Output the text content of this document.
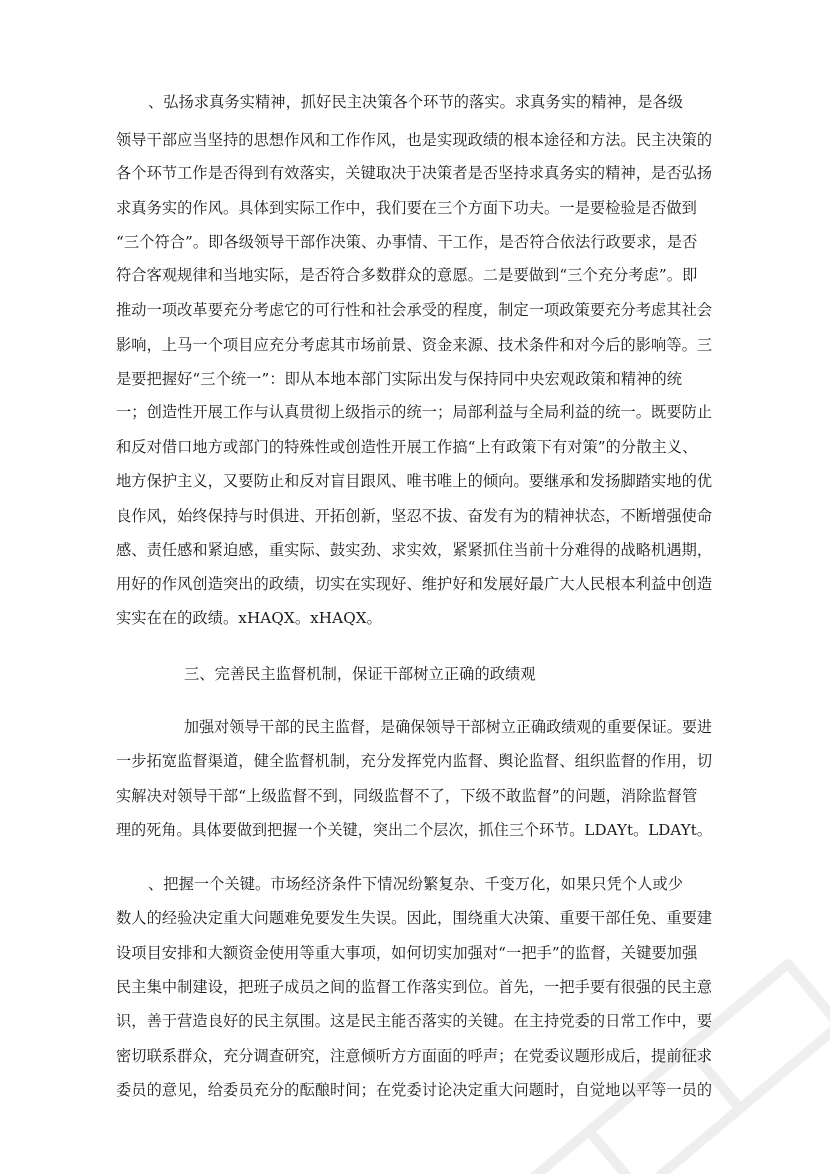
、弘扬求真务实精神，抓好民主决策各个环节的落实。求真务实的精神，是各级
领导干部应当坚持的思想作风和工作作风，也是实现政绩的根本途径和方法。民主决策的
各个环节工作是否得到有效落实，关键取决于决策者是否坚持求真务实的精神，是否弘扬
求真务实的作风。具体到实际工作中，我们要在三个方面下功夫。一是要检验是否做到
“三个符合”。即各级领导干部作决策、办事情、干工作，是否符合依法行政要求，是否
符合客观规律和当地实际，是否符合多数群众的意愿。二是要做到“三个充分考虑”。即
推动一项改革要充分考虑它的可行性和社会承受的程度，制定一项政策要充分考虑其社会
影响，上马一个项目应充分考虑其市场前景、资金来源、技术条件和对今后的影响等。三
是要把握好“三个统一”：即从本地本部门实际出发与保持同中央宏观政策和精神的统
一；创造性开展工作与认真贯彻上级指示的统一；局部利益与全局利益的统一。既要防止
和反对借口地方或部门的特殊性或创造性开展工作搞“上有政策下有对策”的分散主义、
地方保护主义，又要防止和反对盲目跟风、唯书唯上的倾向。要继承和发扬脚踏实地的优
良作风，始终保持与时俱进、开拓创新，坚忍不拔、奋发有为的精神状态，不断增强使命
感、责任感和紧迫感，重实际、鼓实劲、求实效，紧紧抓住当前十分难得的战略机遇期，
用好的作风创造突出的政绩，切实在实现好、维护好和发展好最广大人民根本利益中创造
实实在在的政绩。xHAQX。xHAQX。
三、完善民主监督机制，保证干部树立正确的政绩观
加强对领导干部的民主监督，是确保领导干部树立正确政绩观的重要保证。要进
一步拓宽监督渠道，健全监督机制，充分发挥党内监督、舆论监督、组织监督的作用，切
实解决对领导干部“上级监督不到，同级监督不了，下级不敢监督”的问题，消除监督管
理的死角。具体要做到把握一个关键，突出二个层次，抓住三个环节。LDAYt。LDAYt。
、把握一个关键。市场经济条件下情况纷繁复杂、千变万化，如果只凭个人或少
数人的经验决定重大问题难免要发生失误。因此，围绕重大决策、重要干部任免、重要建
设项目安排和大额资金使用等重大事项，如何切实加强对“一把手”的监督，关键要加强
民主集中制建设，把班子成员之间的监督工作落实到位。首先，一把手要有很强的民主意
识，善于营造良好的民主氛围。这是民主能否落实的关键。在主持党委的日常工作中，要
密切联系群众，充分调查研究，注意倾听方方面面的呼声；在党委议题形成后，提前征求
委员的意见，给委员充分的酝酿时间；在党委讨论决定重大问题时，自觉地以平等一员的
